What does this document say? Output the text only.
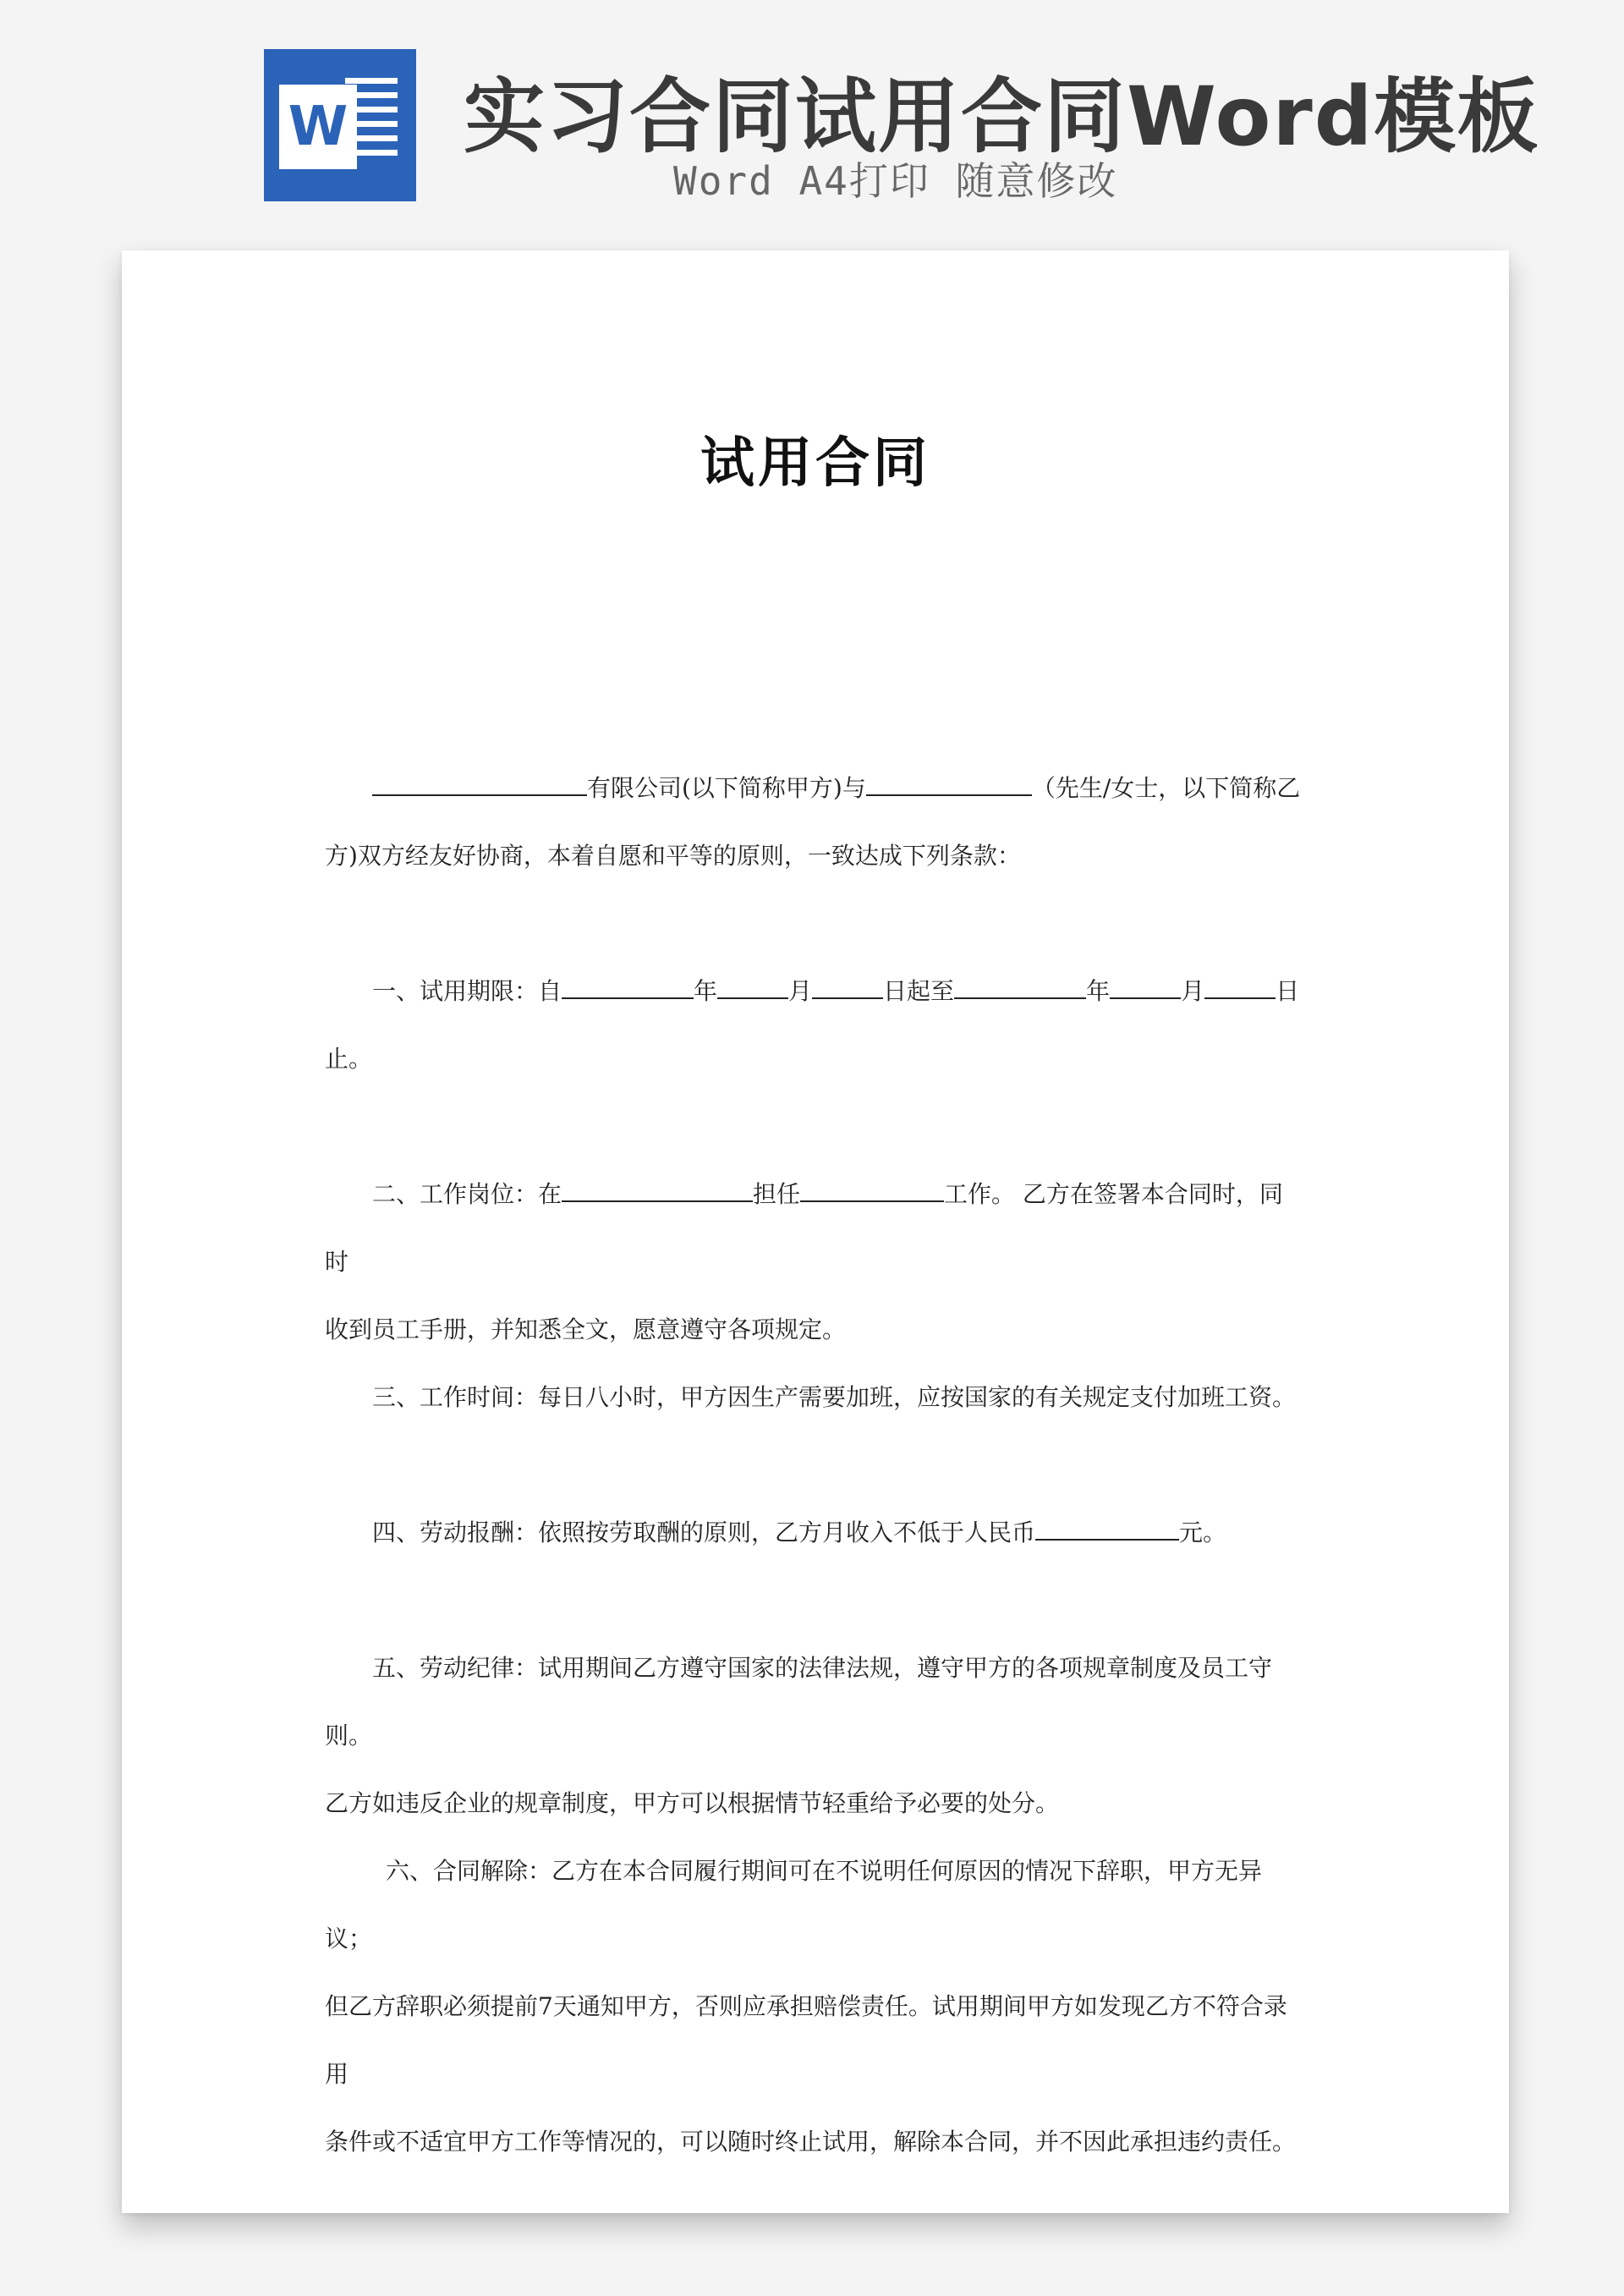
W 实习合同试用合同Word模板
Word A4打印 随意修改
试用合同
有限公司(以下简称甲方)与	（先生/女士，以下简称乙
方)双方经友好协商，本着自愿和平等的原则，一致达成下列条款：
一、试用期限：自	年	月	日起至	年	月	日
止。
二、工作岗位：在	担任	工作。 乙方在签署本合同时，同时
收到员工手册，并知悉全文，愿意遵守各项规定。
三、工作时间：每日八小时，甲方因生产需要加班，应按国家的有关规定支付加班工资。
四、劳动报酬：依照按劳取酬的原则，乙方月收入不低于人民币	元。
五、劳动纪律：试用期间乙方遵守国家的法律法规，遵守甲方的各项规章制度及员工守则。
乙方如违反企业的规章制度，甲方可以根据情节轻重给予必要的处分。
六、合同解除：乙方在本合同履行期间可在不说明任何原因的情况下辞职，甲方无异议；
但乙方辞职必须提前7天通知甲方，否则应承担赔偿责任。试用期间甲方如发现乙方不符合录用
条件或不适宜甲方工作等情况的，可以随时终止试用，解除本合同，并不因此承担违约责任。
